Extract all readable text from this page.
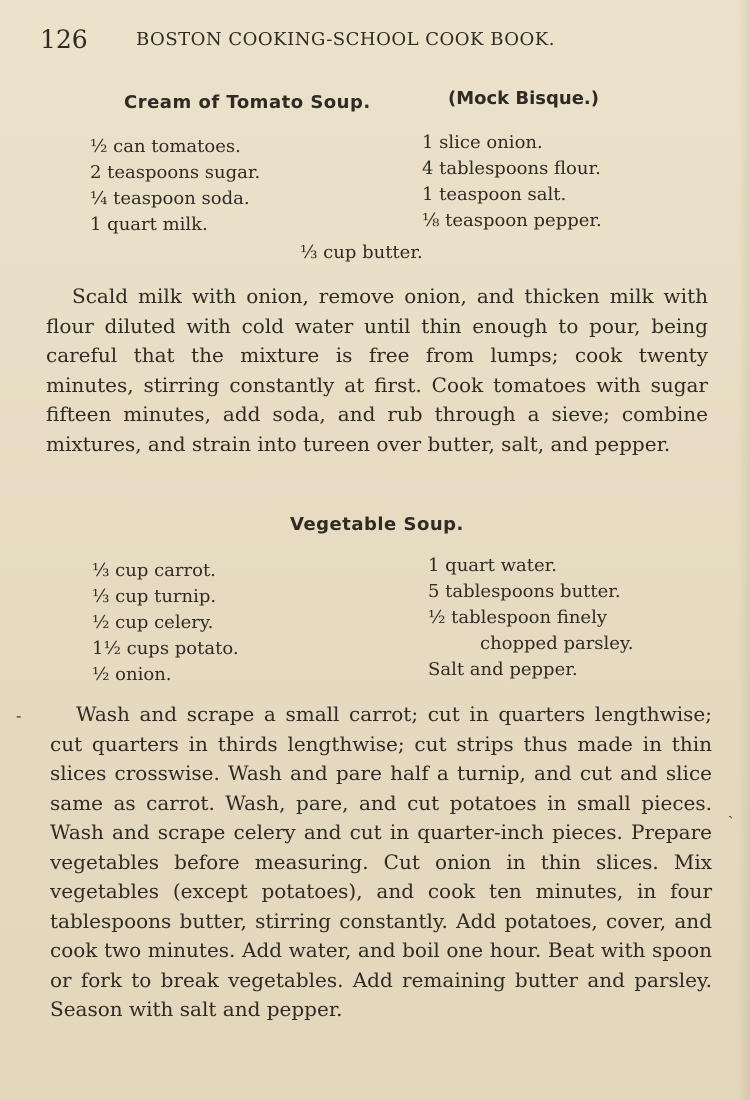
126	BOSTON COOKING-SCHOOL COOK BOOK.
Cream of Tomato Soup.	(Mock Bisque.)
½ can tomatoes.
2 teaspoons sugar.
¼ teaspoon soda.
1 quart milk.
1 slice onion.
4 tablespoons flour.
1 teaspoon salt.
⅛ teaspoon pepper.
⅓ cup butter.

Scald milk with onion, remove onion, and thicken milk with flour diluted with cold water until thin enough to pour, being careful that the mixture is free from lumps; cook twenty minutes, stirring constantly at first. Cook tomatoes with sugar fifteen minutes, add soda, and rub through a sieve; combine mixtures, and strain into tureen over butter, salt, and pepper.

Vegetable Soup.
⅓ cup carrot.
⅓ cup turnip.
½ cup celery.
1½ cups potato.
½ onion.
1 quart water.
5 tablespoons butter.
½ tablespoon finely
chopped parsley.
Salt and pepper.

Wash and scrape a small carrot; cut in quarters lengthwise; cut quarters in thirds lengthwise; cut strips thus made in thin slices crosswise. Wash and pare half a turnip, and cut and slice same as carrot. Wash, pare, and cut potatoes in small pieces. Wash and scrape celery and cut in quarter-inch pieces. Prepare vegetables before measuring. Cut onion in thin slices. Mix vegetables (except potatoes), and cook ten minutes, in four tablespoons butter, stirring constantly. Add potatoes, cover, and cook two minutes. Add water, and boil one hour. Beat with spoon or fork to break vegetables. Add remaining butter and parsley. Season with salt and pepper.

-
ˎ
